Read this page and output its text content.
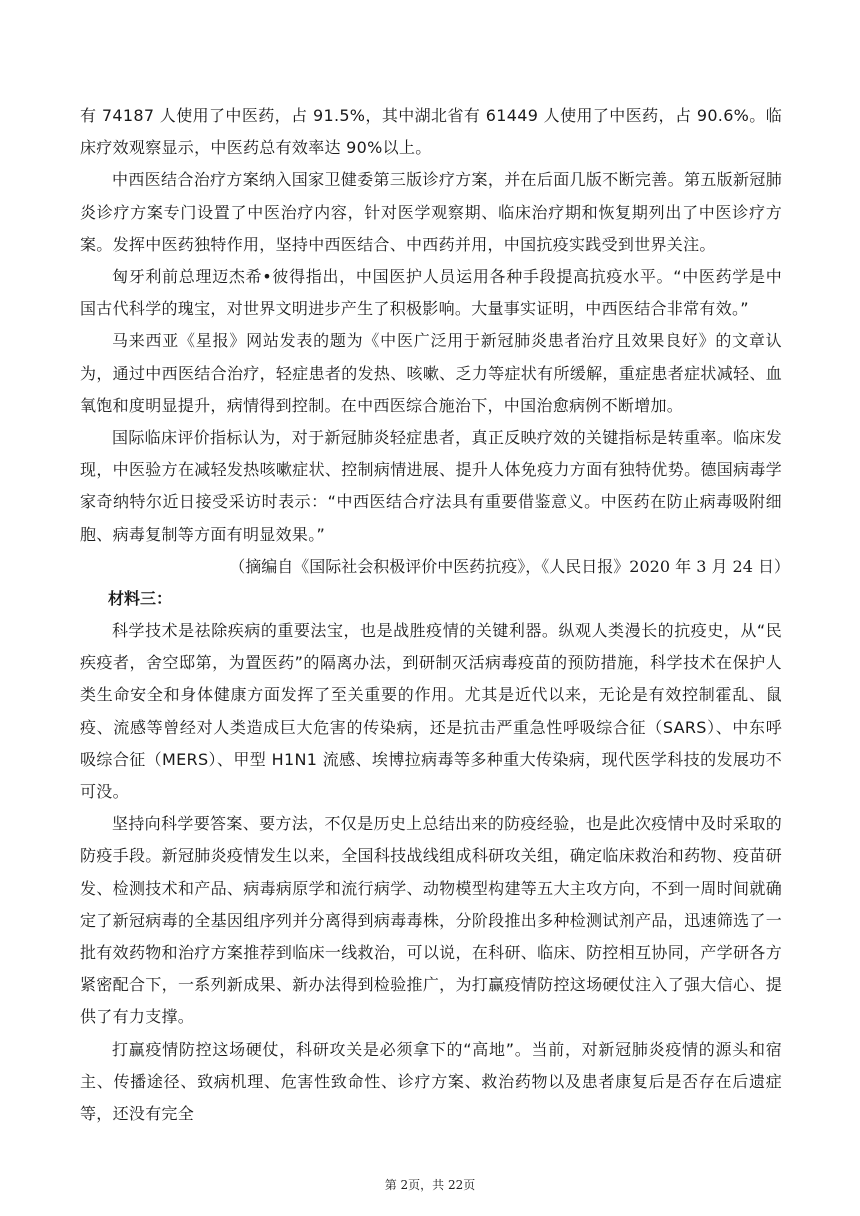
有 74187 人使用了中医药，占 91.5%，其中湖北省有 61449 人使用了中医药，占 90.6%。临床疗效观察显示，中医药总有效率达 90%以上。

中西医结合治疗方案纳入国家卫健委第三版诊疗方案，并在后面几版不断完善。第五版新冠肺炎诊疗方案专门设置了中医治疗内容，针对医学观察期、临床治疗期和恢复期列出了中医诊疗方案。发挥中医药独特作用，坚持中西医结合、中西药并用，中国抗疫实践受到世界关注。

匈牙利前总理迈杰希•彼得指出，中国医护人员运用各种手段提高抗疫水平。“中医药学是中国古代科学的瑰宝，对世界文明进步产生了积极影响。大量事实证明，中西医结合非常有效。”

马来西亚《星报》网站发表的题为《中医广泛用于新冠肺炎患者治疗且效果良好》的文章认为，通过中西医结合治疗，轻症患者的发热、咳嗽、乏力等症状有所缓解，重症患者症状减轻、血氧饱和度明显提升，病情得到控制。在中西医综合施治下，中国治愈病例不断增加。

国际临床评价指标认为，对于新冠肺炎轻症患者，真正反映疗效的关键指标是转重率。临床发现，中医验方在减轻发热咳嗽症状、控制病情进展、提升人体免疫力方面有独特优势。德国病毒学家奇纳特尔近日接受采访时表示：“中西医结合疗法具有重要借鉴意义。中医药在防止病毒吸附细胞、病毒复制等方面有明显效果。”

（摘编自《国际社会积极评价中医药抗疫》，《人民日报》2020 年 3 月 24 日）

材料三：

科学技术是祛除疾病的重要法宝，也是战胜疫情的关键利器。纵观人类漫长的抗疫史，从“民疾疫者，舍空邸第，为置医药”的隔离办法，到研制灭活病毒疫苗的预防措施，科学技术在保护人类生命安全和身体健康方面发挥了至关重要的作用。尤其是近代以来，无论是有效控制霍乱、鼠疫、流感等曾经对人类造成巨大危害的传染病，还是抗击严重急性呼吸综合征（SARS）、中东呼吸综合征（MERS）、甲型 H1N1 流感、埃博拉病毒等多种重大传染病，现代医学科技的发展功不可没。

坚持向科学要答案、要方法，不仅是历史上总结出来的防疫经验，也是此次疫情中及时采取的防疫手段。新冠肺炎疫情发生以来，全国科技战线组成科研攻关组，确定临床救治和药物、疫苗研发、检测技术和产品、病毒病原学和流行病学、动物模型构建等五大主攻方向，不到一周时间就确定了新冠病毒的全基因组序列并分离得到病毒毒株，分阶段推出多种检测试剂产品，迅速筛选了一批有效药物和治疗方案推荐到临床一线救治，可以说，在科研、临床、防控相互协同，产学研各方紧密配合下，一系列新成果、新办法得到检验推广，为打赢疫情防控这场硬仗注入了强大信心、提供了有力支撑。

打赢疫情防控这场硬仗，科研攻关是必须拿下的“高地”。当前，对新冠肺炎疫情的源头和宿主、传播途径、致病机理、危害性致命性、诊疗方案、救治药物以及患者康复后是否存在后遗症等，还没有完全

第 2页，共 22页
